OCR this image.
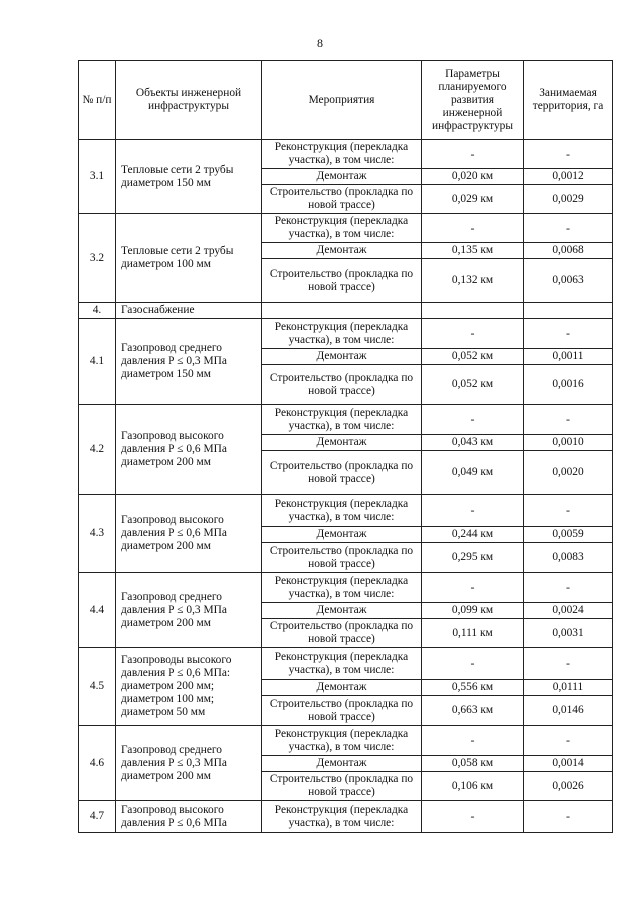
8
№ п/п	Объекты инженерной инфраструктуры	Мероприятия	Параметры планируемого развития инженерной инфраструктуры	Занимаемая территория, га
3.1	Тепловые сети 2 трубы диаметром 150 мм	Реконструкция (перекладка участка), в том числе:	-	-
		Демонтаж	0,020 км	0,0012
		Строительство (прокладка по новой трассе)	0,029 км	0,0029
3.2	Тепловые сети 2 трубы диаметром 100 мм	Реконструкция (перекладка участка), в том числе:	-	-
		Демонтаж	0,135 км	0,0068
		Строительство (прокладка по новой трассе)	0,132 км	0,0063
4.	Газоснабжение			
4.1	Газопровод среднего давления Р ≤ 0,3 МПа диаметром 150 мм	Реконструкция (перекладка участка), в том числе:	-	-
		Демонтаж	0,052 км	0,0011
		Строительство (прокладка по новой трассе)	0,052 км	0,0016
4.2	Газопровод высокого давления Р ≤ 0,6 МПа диаметром 200 мм	Реконструкция (перекладка участка), в том числе:	-	-
		Демонтаж	0,043 км	0,0010
		Строительство (прокладка по новой трассе)	0,049 км	0,0020
4.3	Газопровод высокого давления Р ≤ 0,6 МПа диаметром 200 мм	Реконструкция (перекладка участка), в том числе:	-	-
		Демонтаж	0,244 км	0,0059
		Строительство (прокладка по новой трассе)	0,295 км	0,0083
4.4	Газопровод среднего давления Р ≤ 0,3 МПа диаметром 200 мм	Реконструкция (перекладка участка), в том числе:	-	-
		Демонтаж	0,099 км	0,0024
		Строительство (прокладка по новой трассе)	0,111 км	0,0031
4.5	Газопроводы высокого давления Р ≤ 0,6 МПа: диаметром 200 мм; диаметром 100 мм; диаметром 50 мм	Реконструкция (перекладка участка), в том числе:	-	-
		Демонтаж	0,556 км	0,0111
		Строительство (прокладка по новой трассе)	0,663 км	0,0146
4.6	Газопровод среднего давления Р ≤ 0,3 МПа диаметром 200 мм	Реконструкция (перекладка участка), в том числе:	-	-
		Демонтаж	0,058 км	0,0014
		Строительство (прокладка по новой трассе)	0,106 км	0,0026
4.7	Газопровод высокого давления Р ≤ 0,6 МПа	Реконструкция (перекладка участка), в том числе:	-	-
